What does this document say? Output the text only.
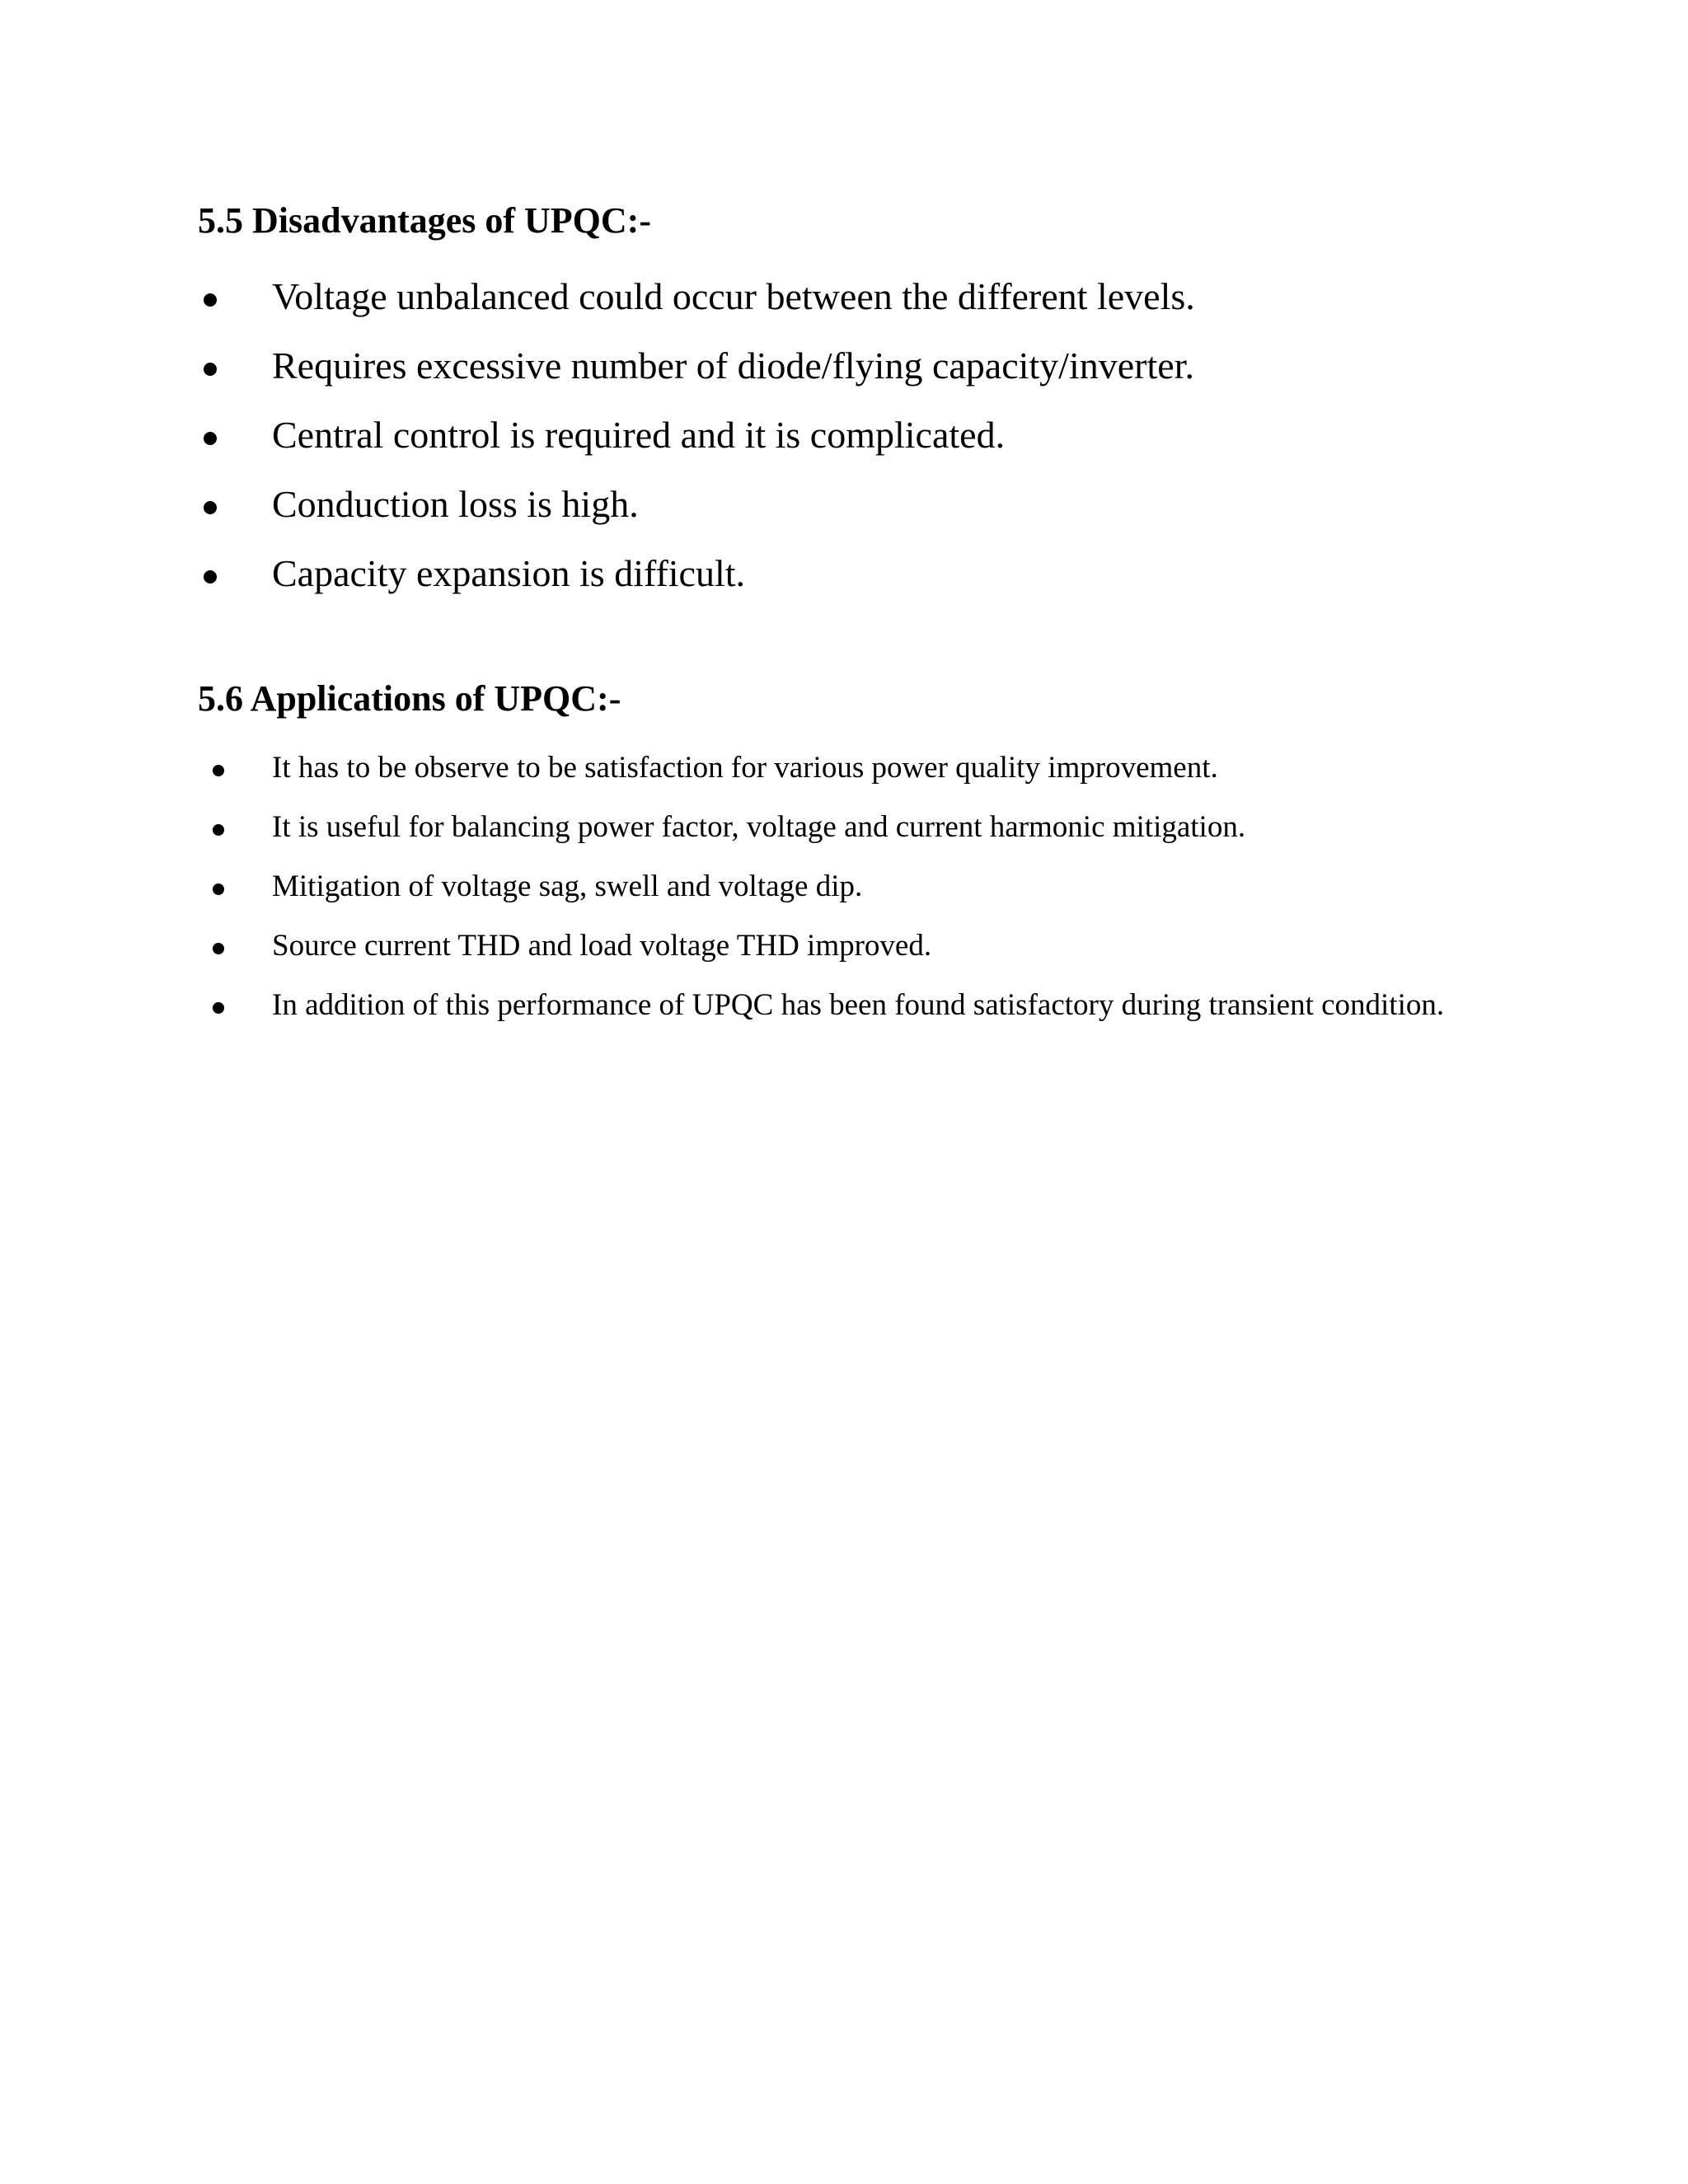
5.5 Disadvantages of UPQC:-
Voltage unbalanced could occur between the different levels.
Requires excessive number of diode/flying capacity/inverter.
Central control is required and it is complicated.
Conduction loss is high.
Capacity expansion is difficult.
5.6 Applications of UPQC:-
It has to be observe to be satisfaction for various power quality improvement.
It is useful for balancing power factor, voltage and current harmonic mitigation.
Mitigation of voltage sag, swell and voltage dip.
Source current THD and load voltage THD improved.
In addition of this performance of UPQC has been found satisfactory during transient condition.
